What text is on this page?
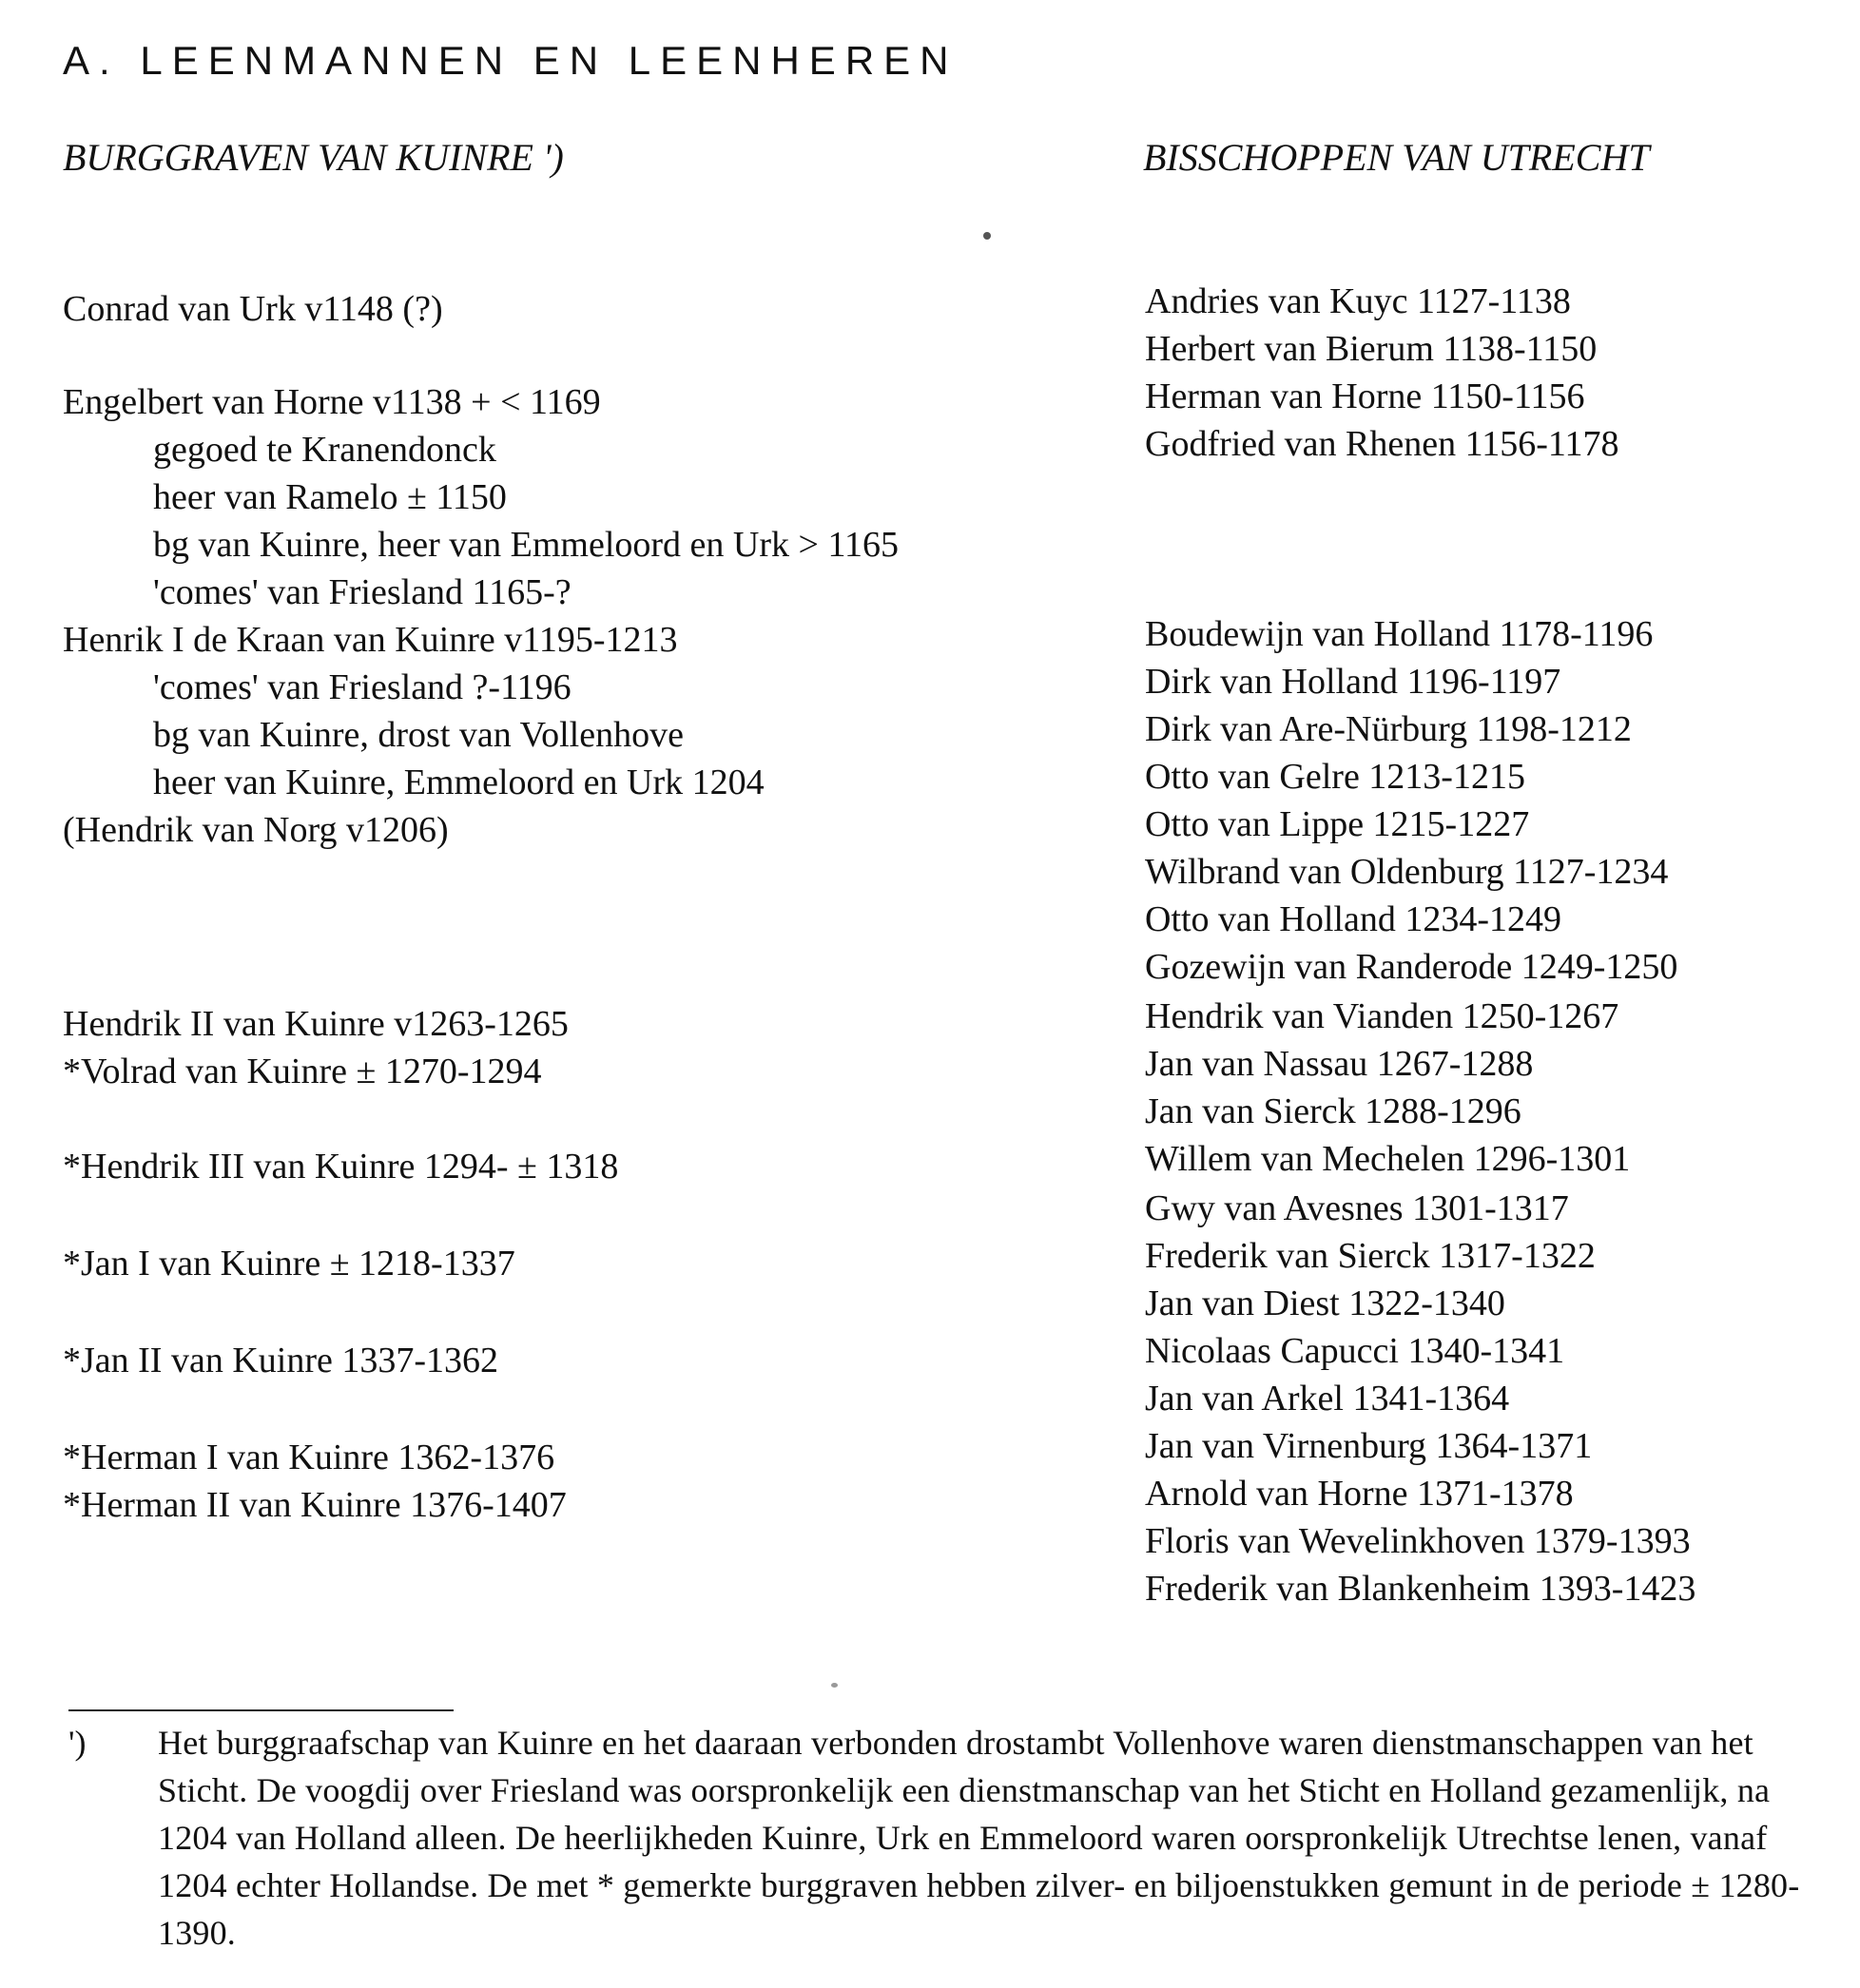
A. LEENMANNEN EN LEENHEREN
BURGGRAVEN VAN KUINRE ')	BISSCHOPPEN VAN UTRECHT
Conrad van Urk v1148 (?)
Engelbert van Horne v1138 + < 1169
gegoed te Kranendonck
heer van Ramelo ± 1150
bg van Kuinre, heer van Emmeloord en Urk > 1165
'comes' van Friesland 1165-?
Henrik I de Kraan van Kuinre v1195-1213
'comes' van Friesland ?-1196
bg van Kuinre, drost van Vollenhove
heer van Kuinre, Emmeloord en Urk 1204
(Hendrik van Norg v1206)
Hendrik II van Kuinre v1263-1265
*Volrad van Kuinre ± 1270-1294
*Hendrik III van Kuinre 1294- ± 1318
*Jan I van Kuinre ± 1218-1337
*Jan II van Kuinre 1337-1362
*Herman I van Kuinre 1362-1376
*Herman II van Kuinre 1376-1407
Andries van Kuyc 1127-1138
Herbert van Bierum 1138-1150
Herman van Horne 1150-1156
Godfried van Rhenen 1156-1178
Boudewijn van Holland 1178-1196
Dirk van Holland 1196-1197
Dirk van Are-Nürburg 1198-1212
Otto van Gelre 1213-1215
Otto van Lippe 1215-1227
Wilbrand van Oldenburg 1127-1234
Otto van Holland 1234-1249
Gozewijn van Randerode 1249-1250
Hendrik van Vianden 1250-1267
Jan van Nassau 1267-1288
Jan van Sierck 1288-1296
Willem van Mechelen 1296-1301
Gwy van Avesnes 1301-1317
Frederik van Sierck 1317-1322
Jan van Diest 1322-1340
Nicolaas Capucci 1340-1341
Jan van Arkel 1341-1364
Jan van Virnenburg 1364-1371
Arnold van Horne 1371-1378
Floris van Wevelinkhoven 1379-1393
Frederik van Blankenheim 1393-1423
') Het burggraafschap van Kuinre en het daaraan verbonden drostambt Vollenhove waren dienstmanschappen van het Sticht. De voogdij over Friesland was oorspronkelijk een dienstmanschap van het Sticht en Holland gezamenlijk, na 1204 van Holland alleen. De heerlijkheden Kuinre, Urk en Emmeloord waren oorspronkelijk Utrechtse lenen, vanaf 1204 echter Hollandse. De met * gemerkte burggraven hebben zilver- en biljoenstukken gemunt in de periode ± 1280-1390.
